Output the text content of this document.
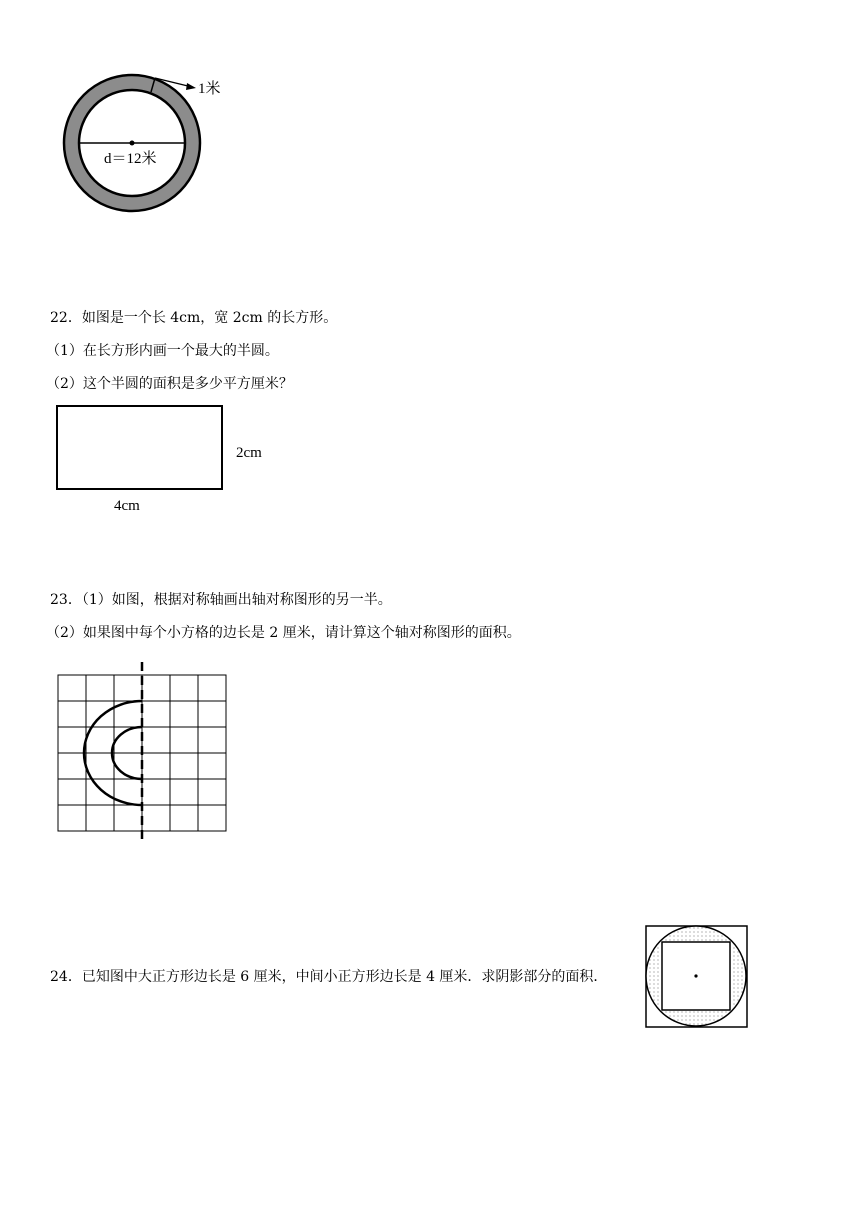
1米
d＝12米
22．如图是一个长 4cm，宽 2cm 的长方形。
（1）在长方形内画一个最大的半圆。
（2）这个半圆的面积是多少平方厘米？
2cm
4cm
23．（1）如图，根据对称轴画出轴对称图形的另一半。
（2）如果图中每个小方格的边长是 2 厘米，请计算这个轴对称图形的面积。
24．已知图中大正方形边长是 6 厘米，中间小正方形边长是 4 厘米．求阴影部分的面积．
